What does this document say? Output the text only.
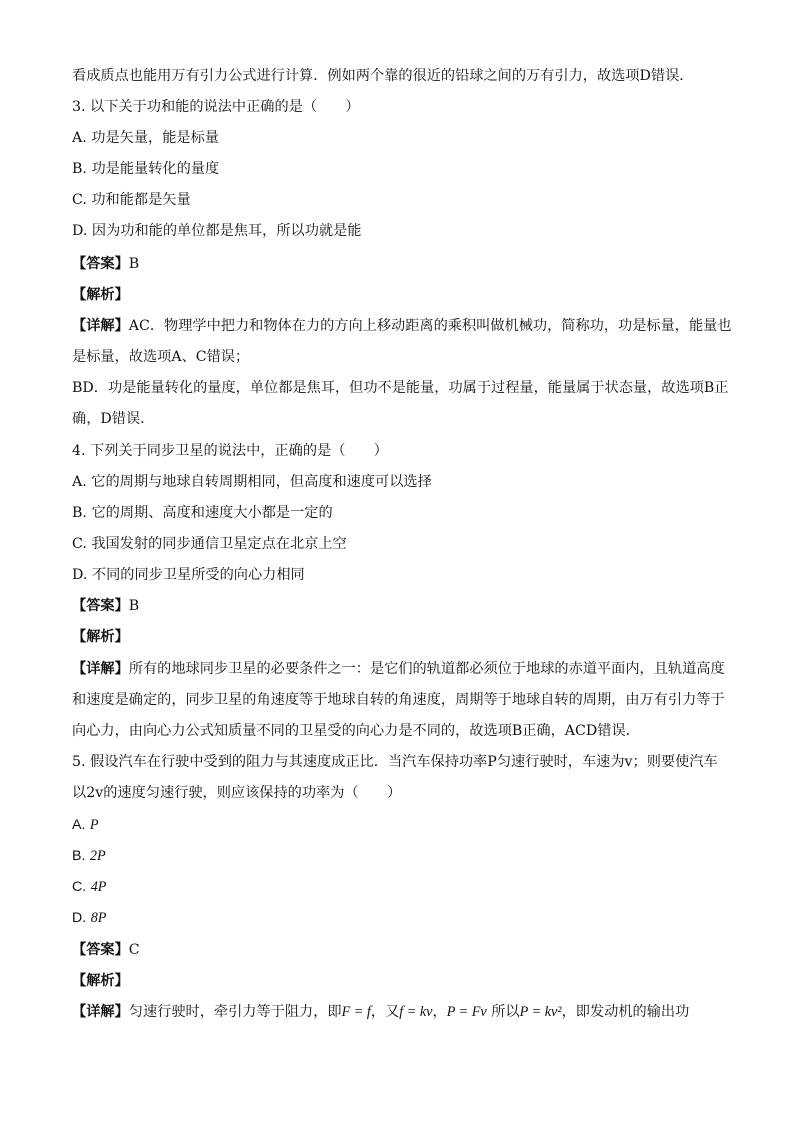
看成质点也能用万有引力公式进行计算．例如两个靠的很近的铅球之间的万有引力，故选项D错误．
3. 以下关于功和能的说法中正确的是（　　）
A. 功是矢量，能是标量
B. 功是能量转化的量度
C. 功和能都是矢量
D. 因为功和能的单位都是焦耳，所以功就是能
【答案】B
【解析】
【详解】AC．物理学中把力和物体在力的方向上移动距离的乘积叫做机械功，简称功，功是标量，能量也
是标量，故选项A、C错误；
BD．功是能量转化的量度，单位都是焦耳，但功不是能量，功属于过程量，能量属于状态量，故选项B正
确，D错误．
4. 下列关于同步卫星的说法中，正确的是（　　）
A. 它的周期与地球自转周期相同，但高度和速度可以选择
B. 它的周期、高度和速度大小都是一定的
C. 我国发射的同步通信卫星定点在北京上空
D. 不同的同步卫星所受的向心力相同
【答案】B
【解析】
【详解】所有的地球同步卫星的必要条件之一：是它们的轨道都必须位于地球的赤道平面内，且轨道高度
和速度是确定的，同步卫星的角速度等于地球自转的角速度，周期等于地球自转的周期，由万有引力等于
向心力，由向心力公式知质量不同的卫星受的向心力是不同的，故选项B正确，ACD错误．
5. 假设汽车在行驶中受到的阻力与其速度成正比．当汽车保持功率P匀速行驶时，车速为v；则要使汽车
以2v的速度匀速行驶，则应该保持的功率为（　　）
A. P
B. 2P
C. 4P
D. 8P
【答案】C
【解析】
【详解】匀速行驶时，牵引力等于阻力，即F = f，又f = kv，P = Fv 所以P = kv²，即发动机的输出功
